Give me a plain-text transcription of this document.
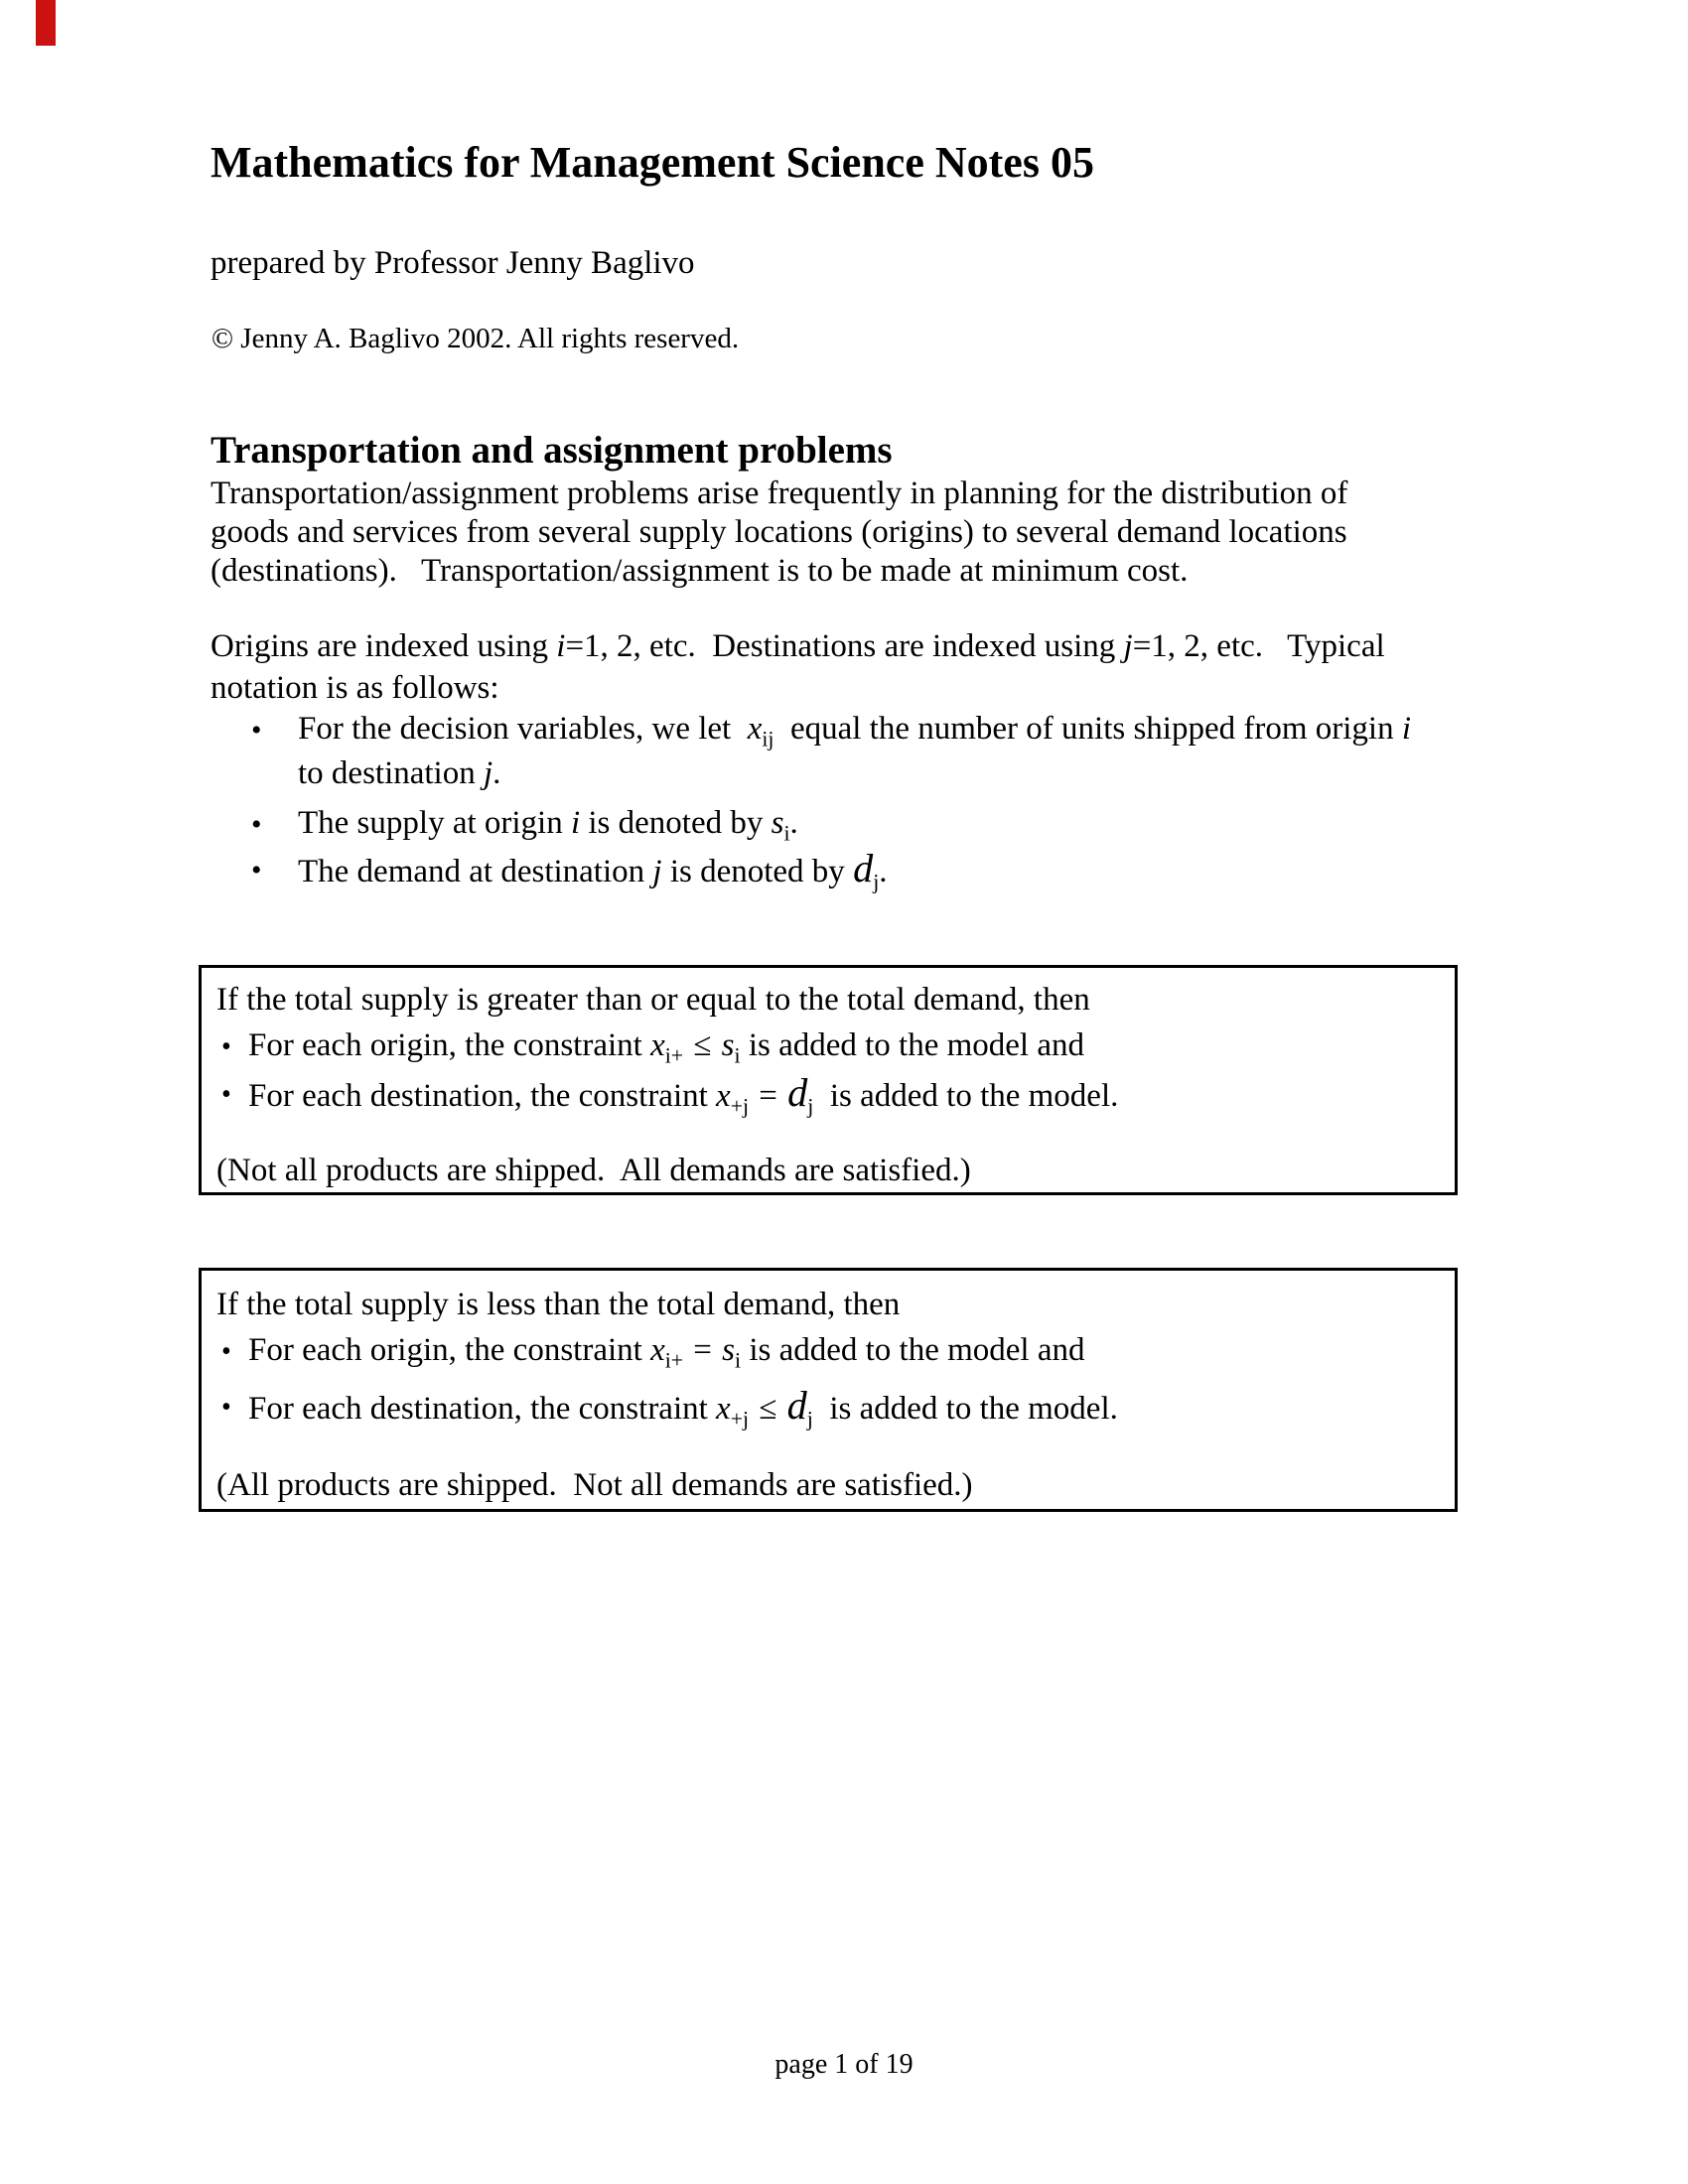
Mathematics for Management Science Notes 05
prepared by Professor Jenny Baglivo
© Jenny A. Baglivo 2002. All rights reserved.
Transportation and assignment problems
Transportation/assignment problems arise frequently in planning for the distribution of
goods and services from several supply locations (origins) to several demand locations
(destinations).   Transportation/assignment is to be made at minimum cost.
Origins are indexed using i=1, 2, etc.  Destinations are indexed using j=1, 2, etc.   Typical
notation is as follows:
• For the decision variables, we let  $x_{ij}$  equal the number of units shipped from origin i
to destination j.
• The supply at origin i is denoted by $s_i$.
• The demand at destination j is denoted by $d_j$.
If the total supply is greater than or equal to the total demand, then
• For each origin, the constraint $x_{i+} \le s_i$ is added to the model and
• For each destination, the constraint $x_{+j} = d_j$  is added to the model.
(Not all products are shipped.  All demands are satisfied.)
If the total supply is less than the total demand, then
• For each origin, the constraint $x_{i+} = s_i$ is added to the model and
• For each destination, the constraint $x_{+j} \le d_j$  is added to the model.
(All products are shipped.  Not all demands are satisfied.)
page 1 of 19
